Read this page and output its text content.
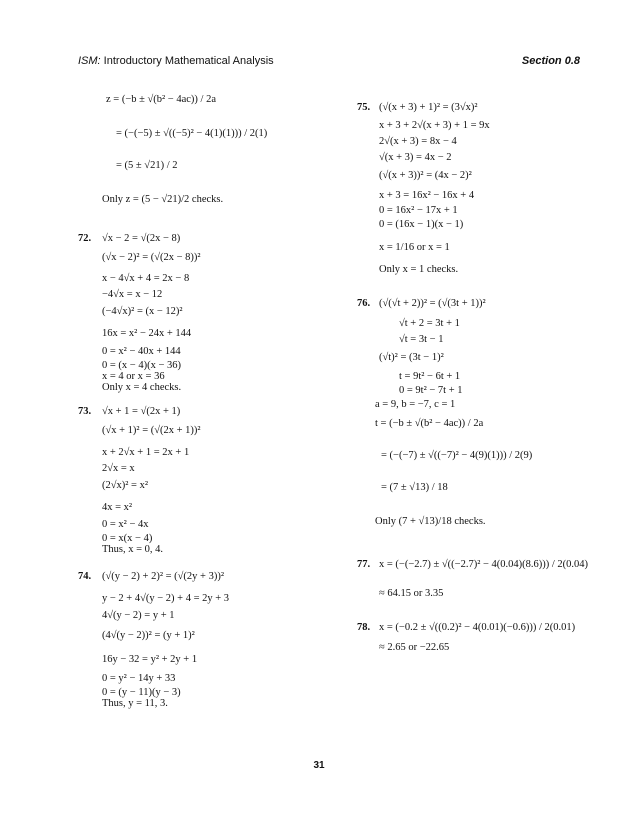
ISM: Introductory Mathematical Analysis	Section 0.8
z = (−b ± √(b² − 4ac)) / 2a
= (−(−5) ± √((−5)² − 4(1)(1))) / 2(1)
= (5 ± √21) / 2
Only z = (5 − √21)/2 checks.
72. √x − 2 = √(2x − 8)
(√x − 2)² = (√(2x − 8))²
x − 4√x + 4 = 2x − 8
−4√x = x − 12
(−4√x)² = (x − 12)²
16x = x² − 24x + 144
0 = x² − 40x + 144
0 = (x − 4)(x − 36)
x = 4 or x = 36
Only x = 4 checks.
73. √x + 1 = √(2x + 1)
(√x + 1)² = (√(2x + 1))²
x + 2√x + 1 = 2x + 1
2√x = x
(2√x)² = x²
4x = x²
0 = x² − 4x
0 = x(x − 4)
Thus, x = 0, 4.
74. (√(y − 2) + 2)² = (√(2y + 3))²
y − 2 + 4√(y − 2) + 4 = 2y + 3
4√(y − 2) = y + 1
(4√(y − 2))² = (y + 1)²
16y − 32 = y² + 2y + 1
0 = y² − 14y + 33
0 = (y − 11)(y − 3)
Thus, y = 11, 3.
75. (√(x + 3) + 1)² = (3√x)²
x + 3 + 2√(x + 3) + 1 = 9x
2√(x + 3) = 8x − 4
√(x + 3) = 4x − 2
(√(x + 3))² = (4x − 2)²
x + 3 = 16x² − 16x + 4
0 = 16x² − 17x + 1
0 = (16x − 1)(x − 1)
x = 1/16 or x = 1
Only x = 1 checks.
76. (√(√t + 2))² = (√(3t + 1))²
√t + 2 = 3t + 1
√t = 3t − 1
(√t)² = (3t − 1)²
t = 9t² − 6t + 1
0 = 9t² − 7t + 1
a = 9, b = −7, c = 1
t = (−b ± √(b² − 4ac)) / 2a
= (−(−7) ± √((−7)² − 4(9)(1))) / 2(9)
= (7 ± √13) / 18
Only (7 + √13)/18 checks.
77. x = (−(−2.7) ± √((−2.7)² − 4(0.04)(8.6))) / 2(0.04)
≈ 64.15 or 3.35
78. x = (−0.2 ± √((0.2)² − 4(0.01)(−0.6))) / 2(0.01)
≈ 2.65 or −22.65
31
